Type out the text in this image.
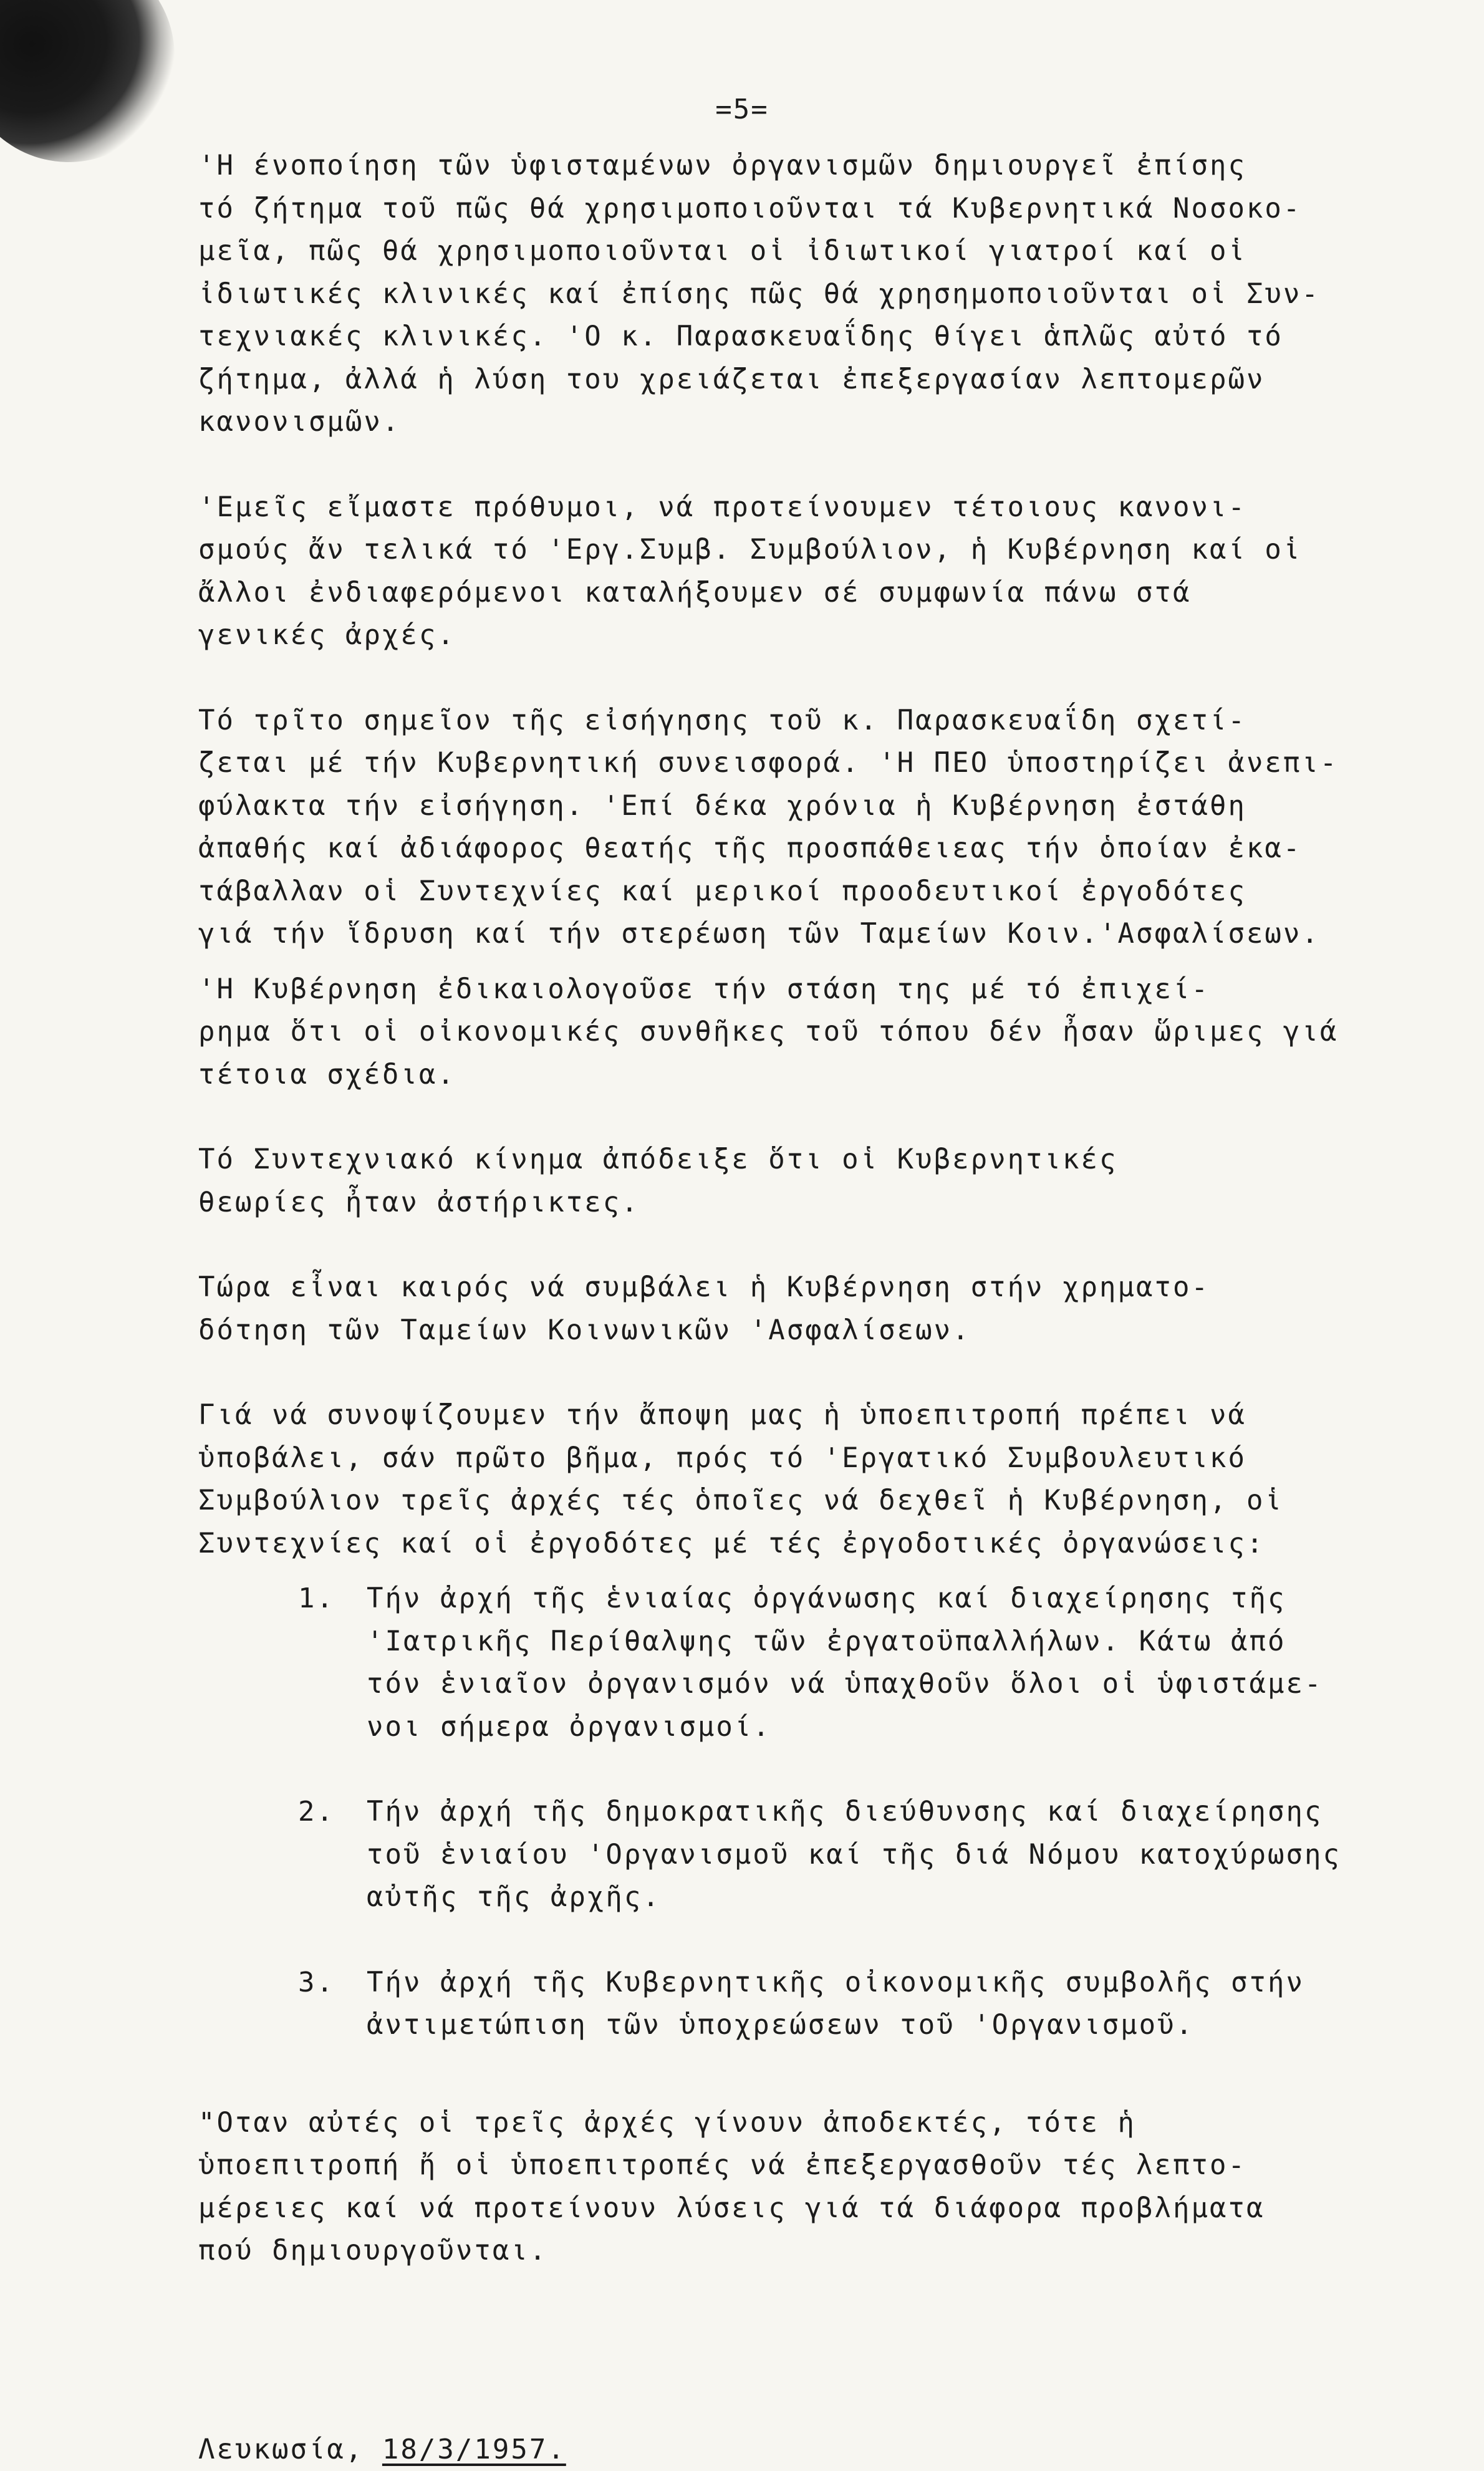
=5=

'Η ένοποίηση τῶν ὑφισταμένων ὀργανισμῶν δημιουργεῖ ἐπίσης
τό ζήτημα τοῦ πῶς θά χρησιμοποιοῦνται τά Κυβερνητικά Νοσοκο-
μεῖα, πῶς θά χρησιμοποιοῦνται οἱ ἰδιωτικοί γιατροί καί οἱ
ἰδιωτικές κλινικές καί ἐπίσης πῶς θά χρησημοποιοῦνται οἱ Συν-
τεχνιακές κλινικές. 'Ο κ. Παρασκευαΐδης θίγει ἁπλῶς αὐτό τό
ζήτημα, ἀλλά ἡ λύση του χρειάζεται ἐπεξεργασίαν λεπτομερῶν
κανονισμῶν.

'Εμεῖς εἴμαστε πρόθυμοι, νά προτείνουμεν τέτοιους κανονι-
σμούς ἄν τελικά τό 'Εργ.Συμβ. Συμβούλιον, ἡ Κυβέρνηση καί οἱ
ἄλλοι ἐνδιαφερόμενοι καταλήξουμεν σέ συμφωνία πάνω στά
γενικές ἀρχές.

Τό τρῖτο σημεῖον τῆς εἰσήγησης τοῦ κ. Παρασκευαΐδη σχετί-
ζεται μέ τήν Κυβερνητική συνεισφορά. 'Η ΠΕΟ ὑποστηρίζει ἀνεπι-
φύλακτα τήν εἰσήγηση. 'Επί δέκα χρόνια ἡ Κυβέρνηση ἐστάθη
ἀπαθής καί ἀδιάφορος θεατής τῆς προσπάθειεας τήν ὁποίαν ἐκα-
τάβαλλαν οἱ Συντεχνίες καί μερικοί προοδευτικοί ἐργοδότες
γιά τήν ἵδρυση καί τήν στερέωση τῶν Ταμείων Κοιν.'Ασφαλίσεων.

'Η Κυβέρνηση ἐδικαιολογοῦσε τήν στάση της μέ τό ἐπιχεί-
ρημα ὅτι οἱ οἰκονομικές συνθῆκες τοῦ τόπου δέν ἦσαν ὥριμες γιά
τέτοια σχέδια.

Τό Συντεχνιακό κίνημα ἀπόδειξε ὅτι οἱ Κυβερνητικές
θεωρίες ἦταν ἀστήρικτες.

Τώρα εἶναι καιρός νά συμβάλει ἡ Κυβέρνηση στήν χρηματο-
δότηση τῶν Ταμείων Κοινωνικῶν 'Ασφαλίσεων.

Γιά νά συνοψίζουμεν τήν ἄποψη μας ἡ ὑποεπιτροπή πρέπει νά
ὑποβάλει, σάν πρῶτο βῆμα, πρός τό 'Εργατικό Συμβουλευτικό
Συμβούλιον τρεῖς ἀρχές τές ὁποῖες νά δεχθεῖ ἡ Κυβέρνηση, οἱ
Συντεχνίες καί οἱ ἐργοδότες μέ τές ἐργοδοτικές ὀργανώσεις:

1.	Τήν ἀρχή τῆς ἑνιαίας ὀργάνωσης καί διαχείρησης τῆς
'Ιατρικῆς Περίθαλψης τῶν ἐργατοϋπαλλήλων. Κάτω ἀπό
τόν ἑνιαῖον ὀργανισμόν νά ὑπαχθοῦν ὅλοι οἱ ὑφιστάμε-
νοι σήμερα ὀργανισμοί.
2.	Τήν ἀρχή τῆς δημοκρατικῆς διεύθυνσης καί διαχείρησης
τοῦ ἑνιαίου 'Οργανισμοῦ καί τῆς διά Νόμου κατοχύρωσης
αὐτῆς τῆς ἀρχῆς.
3.	Τήν ἀρχή τῆς Κυβερνητικῆς οἰκονομικῆς συμβολῆς στήν
ἀντιμετώπιση τῶν ὑποχρεώσεων τοῦ 'Οργανισμοῦ.

"Οταν αὐτές οἱ τρεῖς ἀρχές γίνουν ἀποδεκτές, τότε ἡ
ὑποεπιτροπή ἤ οἱ ὑποεπιτροπές νά ἐπεξεργασθοῦν τές λεπτο-
μέρειες καί νά προτείνουν λύσεις γιά τά διάφορα προβλήματα
πού δημιουργοῦνται.

Λευκωσία, 18/3/1957.
